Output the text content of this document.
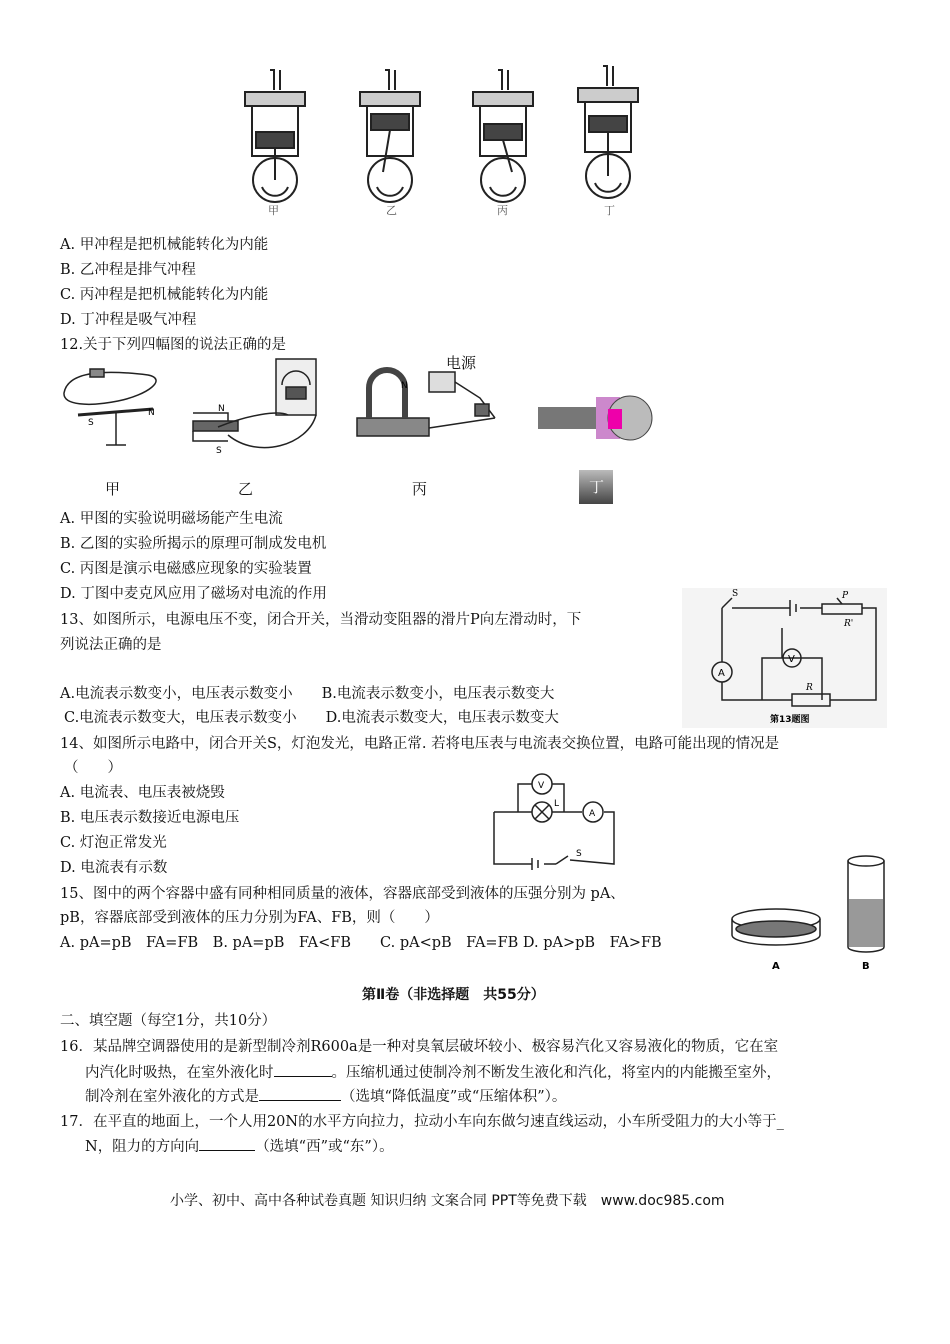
甲	乙	丙	丁
A. 甲冲程是把机械能转化为内能
B. 乙冲程是排气冲程
C. 丙冲程是把机械能转化为内能
D. 丁冲程是吸气冲程
12.关于下列四幅图的说法正确的是
电源
S
N	N
S
N
甲	乙	丙	丁
A. 甲图的实验说明磁场能产生电流
B. 乙图的实验所揭示的原理可制成发电机
C. 丙图是演示电磁感应现象的实验装置
D. 丁图中麦克风应用了磁场对电流的作用
13、如图所示，电源电压不变，闭合开关，当滑动变阻器的滑片P向左滑动时，下
列说法正确的是
A.电流表示数变小，电压表示数变小　　B.电流表示数变小，电压表示数变大
C.电流表示数变大，电压表示数变小　　D.电流表示数变大，电压表示数变大
S	P
R'
V
A
R
第13题图
14、如图所示电路中，闭合开关S，灯泡发光，电路正常. 若将电压表与电流表交换位置，电路可能出现的情况是
（　　）
A. 电流表、电压表被烧毁
B. 电压表示数接近电源电压
C. 灯泡正常发光
D. 电流表有示数
V
L
A
S
15、图中的两个容器中盛有同种相同质量的液体，容器底部受到液体的压强分别为 pA、
pB，容器底部受到液体的压力分别为FA、FB，则（　　）
A. pA=pB　FA=FB　B. pA=pB　FA<FB　　C. pA<pB　FA=FB D. pA>pB　FA>FB
A	B
第Ⅱ卷（非选择题　共55分）
二、填空题（每空1分，共10分）
16．某品牌空调器使用的是新型制冷剂R600a是一种对臭氧层破坏较小、极容易汽化又容易液化的物质，它在室
内汽化时吸热，在室外液化时	。压缩机通过使制冷剂不断发生液化和汽化，将室内的内能搬至室外，
制冷剂在室外液化的方式是	（选填“降低温度”或“压缩体积”）。
17．在平直的地面上，一个人用20N的水平方向拉力，拉动小车向东做匀速直线运动，小车所受阻力的大小等于_
N，阻力的方向向	（选填“西”或“东”）。
小学、初中、高中各种试卷真题 知识归纳 文案合同 PPT等免费下载　www.doc985.com
